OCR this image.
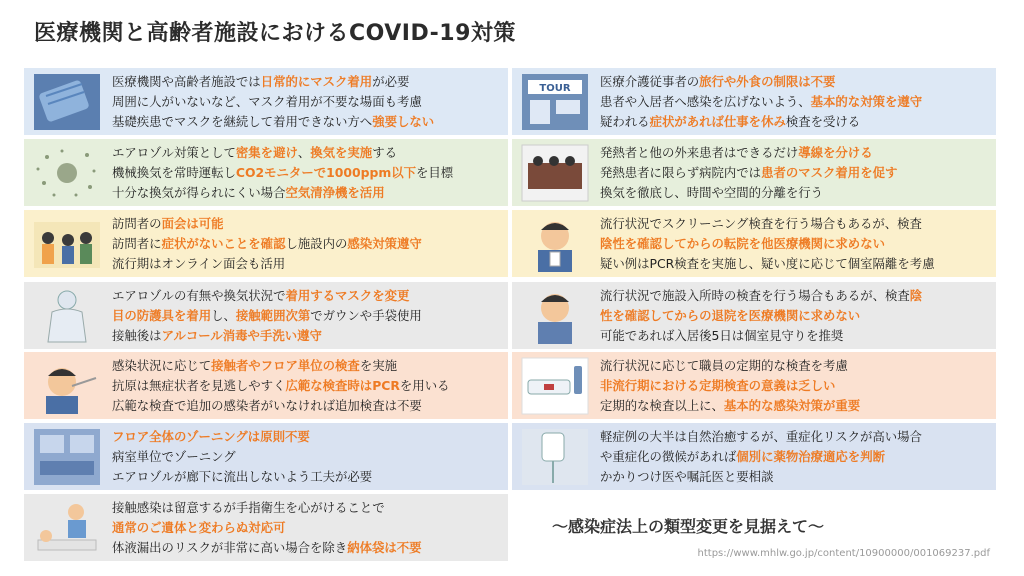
医療機関と高齢者施設におけるCOVID-19対策
医療機関や高齢者施設では日常的にマスク着用が必要
周囲に人がいないなど、マスク着用が不要な場面も考慮
基礎疾患でマスクを継続して着用できない方へ強要しない
エアロゾル対策として密集を避け、換気を実施する
機械換気を常時運転しCO2モニターで1000ppm以下を目標
十分な換気が得られにくい場合空気清浄機を活用
訪問者の面会は可能
訪問者に症状がないことを確認し施設内の感染対策遵守
流行期はオンライン面会も活用
エアロゾルの有無や換気状況で着用するマスクを変更
目の防護具を着用し、接触範囲次第でガウンや手袋使用
接触後はアルコール消毒や手洗い遵守
感染状況に応じて接触者やフロア単位の検査を実施
抗原は無症状者を見逃しやすく広範な検査時はPCRを用いる
広範な検査で追加の感染者がいなければ追加検査は不要
フロア全体のゾーニングは原則不要
病室単位でゾーニング
エアロゾルが廊下に流出しないよう工夫が必要
接触感染は留意するが手指衛生を心がけることで
通常のご遺体と変わらぬ対応可
体液漏出のリスクが非常に高い場合を除き納体袋は不要
TOUR 医療介護従事者の旅行や外食の制限は不要
患者や入居者へ感染を広げないよう、基本的な対策を遵守
疑われる症状があれば仕事を休み検査を受ける
発熱者と他の外来患者はできるだけ導線を分ける
発熱患者に限らず病院内では患者のマスク着用を促す
換気を徹底し、時間や空間的分離を行う
流行状況でスクリーニング検査を行う場合もあるが、検査
陰性を確認してからの転院を他医療機関に求めない
疑い例はPCR検査を実施し、疑い度に応じて個室隔離を考慮
流行状況で施設入所時の検査を行う場合もあるが、検査陰
性を確認してからの退院を医療機関に求めない
可能であれば入居後5日は個室見守りを推奨
流行状況に応じて職員の定期的な検査を考慮
非流行期における定期検査の意義は乏しい
定期的な検査以上に、基本的な感染対策が重要
軽症例の大半は自然治癒するが、重症化リスクが高い場合
や重症化の徴候があれば個別に薬物治療適応を判断
かかりつけ医や嘱託医と要相談
〜感染症法上の類型変更を見据えて〜
https://www.mhlw.go.jp/content/10900000/001069237.pdf
